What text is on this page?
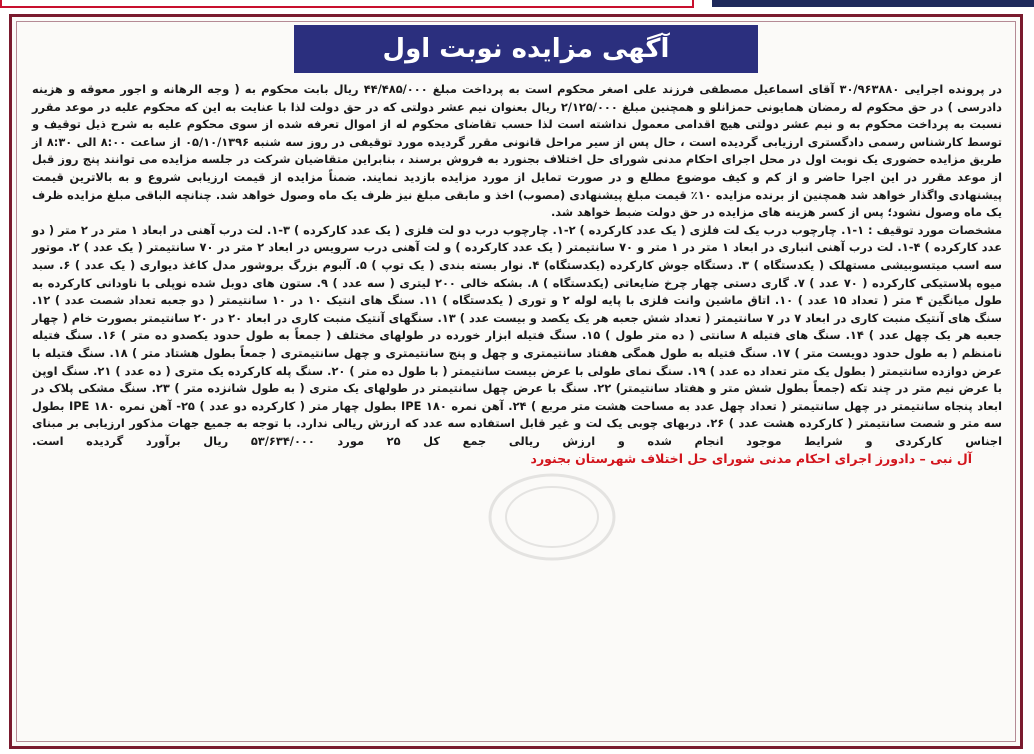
آگهی مزایده نوبت اول

در پرونده اجرایی ۳۰/۹۶۳۸۸۰ آقای اسماعیل مصطفی فرزند علی اصغر محکوم است به پرداخت مبلغ ۴۴/۴۸۵/۰۰۰ ریال بابت محکوم به ( وجه الرهانه و اجور معوقه و هزینه دادرسی ) در حق محکوم له رمضان همایونی حمزانلو و همچنین مبلغ ۲/۱۲۵/۰۰۰ ریال بعنوان نیم عشر دولتی که در حق دولت لذا با عنایت به این که محکوم علیه در موعد مقرر نسبت به پرداخت محکوم به و نیم عشر دولتی هیچ اقدامی معمول نداشته است لذا حسب تقاضای محکوم له از اموال تعرفه شده از سوی محکوم علیه به شرح ذیل توقیف و توسط کارشناس رسمی دادگستری ارزیابی گردیده است ، حال پس از سیر مراحل قانونی مقرر گردیده مورد توقیفی در روز سه شنبه ۰۵/۱۰/۱۳۹۶ از ساعت ۸:۰۰ الی ۸:۳۰ از طریق مزایده حضوری یک نوبت اول در محل اجرای احکام مدنی شورای حل اختلاف بجنورد به فروش برسند ، بنابراین متقاضیان شرکت در جلسه مزایده می توانند پنج روز قبل از موعد مقرر در این اجرا حاضر و از کم و کیف موضوع مطلع و در صورت تمایل از مورد مزایده بازدید نمایند. ضمناً مزایده از قیمت ارزیابی شروع و به بالاترین قیمت پیشنهادی واگذار خواهد شد همچنین از برنده مزایده ۱۰٪ قیمت مبلغ پیشنهادی (مصوب) اخذ و مابقی مبلغ نیز ظرف یک ماه وصول خواهد شد. چنانچه الباقی مبلغ مزایده ظرف یک ماه وصول نشود؛ پس از کسر هزینه های مزایده در حق دولت ضبط خواهد شد.

مشخصات مورد توقیف : ۱-۱. چارچوب درب یک لت فلزی ( یک عدد کارکرده ) ۲-۱. چارچوب درب دو لت فلزی ( یک عدد کارکرده ) ۳-۱. لت درب آهنی در ابعاد ۱ متر در ۲ متر ( دو عدد کارکرده ) ۴-۱. لت درب آهنی انباری در ابعاد ۱ متر در ۱ متر و ۷۰ سانتیمتر ( یک عدد کارکرده ) و لت آهنی درب سرویس در ابعاد ۲ متر در ۷۰ سانتیمتر ( یک عدد ) ۲. موتور سه اسب میتسوبیشی مستهلک ( یکدستگاه ) ۳. دستگاه جوش کارکرده (یکدستگاه) ۴. نوار بسته بندی ( یک توپ ) ۵. آلبوم بزرگ بروشور مدل کاغذ دیواری ( یک عدد ) ۶. سبد میوه پلاستیکی کارکرده ( ۷۰ عدد ) ۷. گاری دستی چهار چرخ ضایعاتی (یکدستگاه ) ۸. بشکه خالی ۲۰۰ لیتری ( سه عدد ) ۹. ستون های دوبل شده نوپلی با ناودانی کارکرده به طول میانگین ۴ متر ( تعداد ۱۵ عدد ) ۱۰. اتاق ماشین وانت فلزی با پایه لوله ۲ و توری ( یکدستگاه ) ۱۱. سنگ های انتیک ۱۰ در ۱۰ سانتیمتر ( دو جعبه تعداد شصت عدد ) ۱۲. سنگ های آنتیک منبت کاری در ابعاد ۷ در ۷ سانتیمتر ( تعداد شش جعبه هر یک یکصد و بیست عدد ) ۱۳. سنگهای آنتیک منبت کاری در ابعاد ۲۰ در ۲۰ سانتیمتر بصورت خام ( چهار جعبه هر یک چهل عدد ) ۱۴. سنگ های فتیله ۸ سانتی ( ده متر طول ) ۱۵. سنگ فتیله ابزار خورده در طولهای مختلف ( جمعاً به طول حدود یکصدو ده متر ) ۱۶. سنگ فتیله نامنظم ( به طول حدود دویست متر ) ۱۷. سنگ فتیله به طول همگی هفتاد سانتیمتری و چهل و پنج سانتیمتری و چهل سانتیمتری ( جمعاً بطول هشتاد متر ) ۱۸. سنگ فتیله با عرض دوازده سانتیمتر ( بطول یک متر تعداد ده عدد ) ۱۹. سنگ نمای طولی با عرض بیست سانتیمتر ( با طول ده متر ) ۲۰. سنگ پله کارکرده یک متری ( ده عدد ) ۲۱. سنگ اوپن با عرض نیم متر در چند تکه (جمعاً بطول شش متر و هفتاد سانتیمتر) ۲۲. سنگ با عرض چهل سانتیمتر در طولهای یک متری ( به طول شانزده متر ) ۲۳. سنگ مشکی پلاک در ابعاد پنجاه سانتیمتر در چهل سانتیمتر ( تعداد چهل عدد به مساحت هشت متر مربع ) ۲۴. آهن نمره IPE ۱۸۰ بطول چهار متر ( کارکرده دو عدد ) ۲۵- آهن نمره IPE ۱۸۰ بطول سه متر و شصت سانتیمتر ( کارکرده هشت عدد ) ۲۶. دربهای چوبی یک لت و غیر قابل استفاده سه عدد که ارزش ریالی ندارد. با توجه به جمیع جهات مذکور ارزیابی بر مبنای اجناس کارکردی و شرایط موجود انجام شده و ارزش ریالی جمع کل ۲۵ مورد ۵۳/۶۳۴/۰۰۰ ریال برآورد گردیده است. آل نبی – دادورز اجرای احکام مدنی شورای حل اختلاف شهرستان بجنورد
